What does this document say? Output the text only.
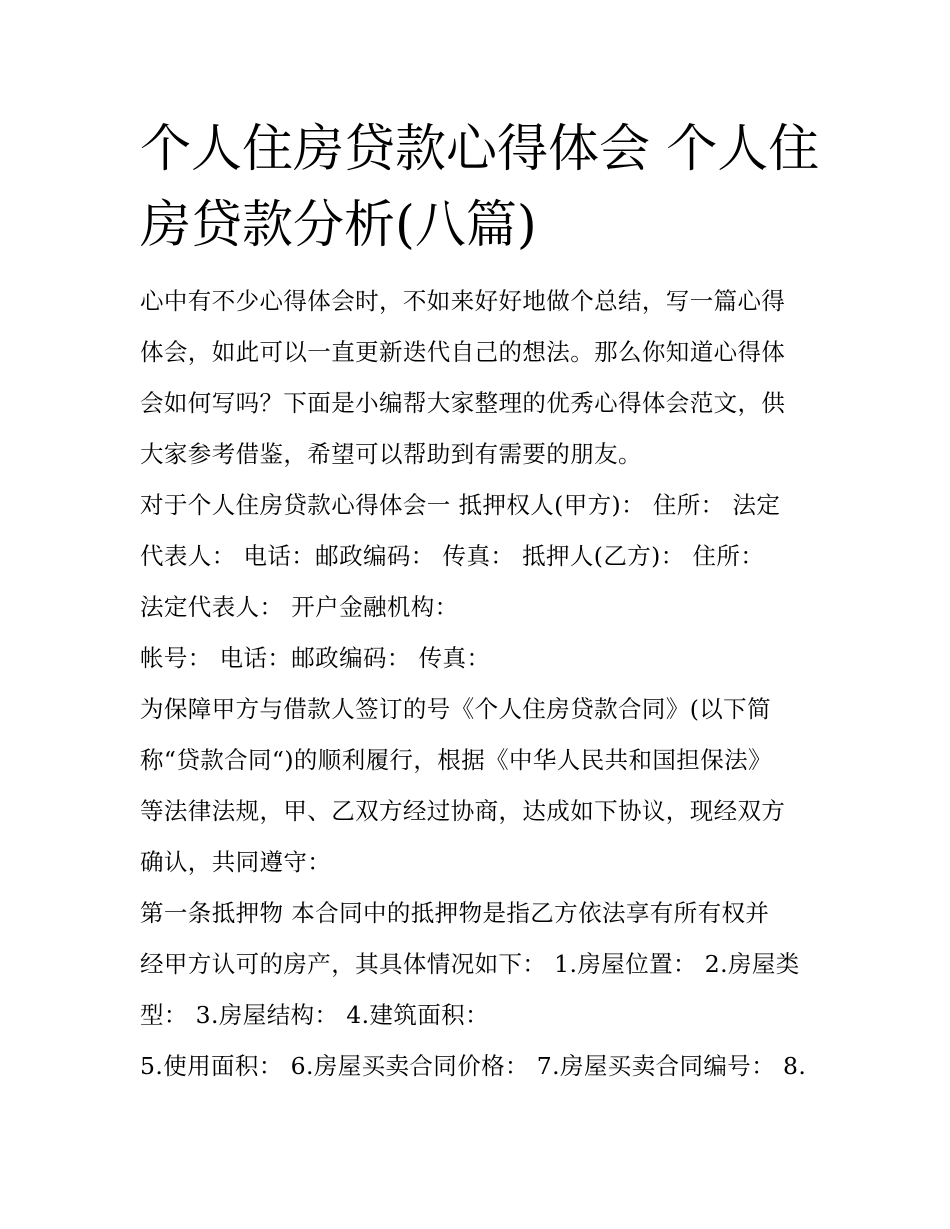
个人住房贷款心得体会 个人住
房贷款分析(八篇)

心中有不少心得体会时，不如来好好地做个总结，写一篇心得
体会，如此可以一直更新迭代自己的想法。那么你知道心得体
会如何写吗？下面是小编帮大家整理的优秀心得体会范文，供
大家参考借鉴，希望可以帮助到有需要的朋友。

对于个人住房贷款心得体会一 抵押权人(甲方)： 住所： 法定
代表人： 电话：邮政编码： 传真： 抵押人(乙方)： 住所：
法定代表人： 开户金融机构：

帐号： 电话：邮政编码： 传真：

为保障甲方与借款人签订的号《个人住房贷款合同》(以下简
称“贷款合同“)的顺利履行，根据《中华人民共和国担保法》
等法律法规，甲、乙双方经过协商，达成如下协议，现经双方
确认，共同遵守：

第一条抵押物 本合同中的抵押物是指乙方依法享有所有权并
经甲方认可的房产，其具体情况如下： 1.房屋位置： 2.房屋类
型： 3.房屋结构： 4.建筑面积：
5.使用面积： 6.房屋买卖合同价格： 7.房屋买卖合同编号： 8.
